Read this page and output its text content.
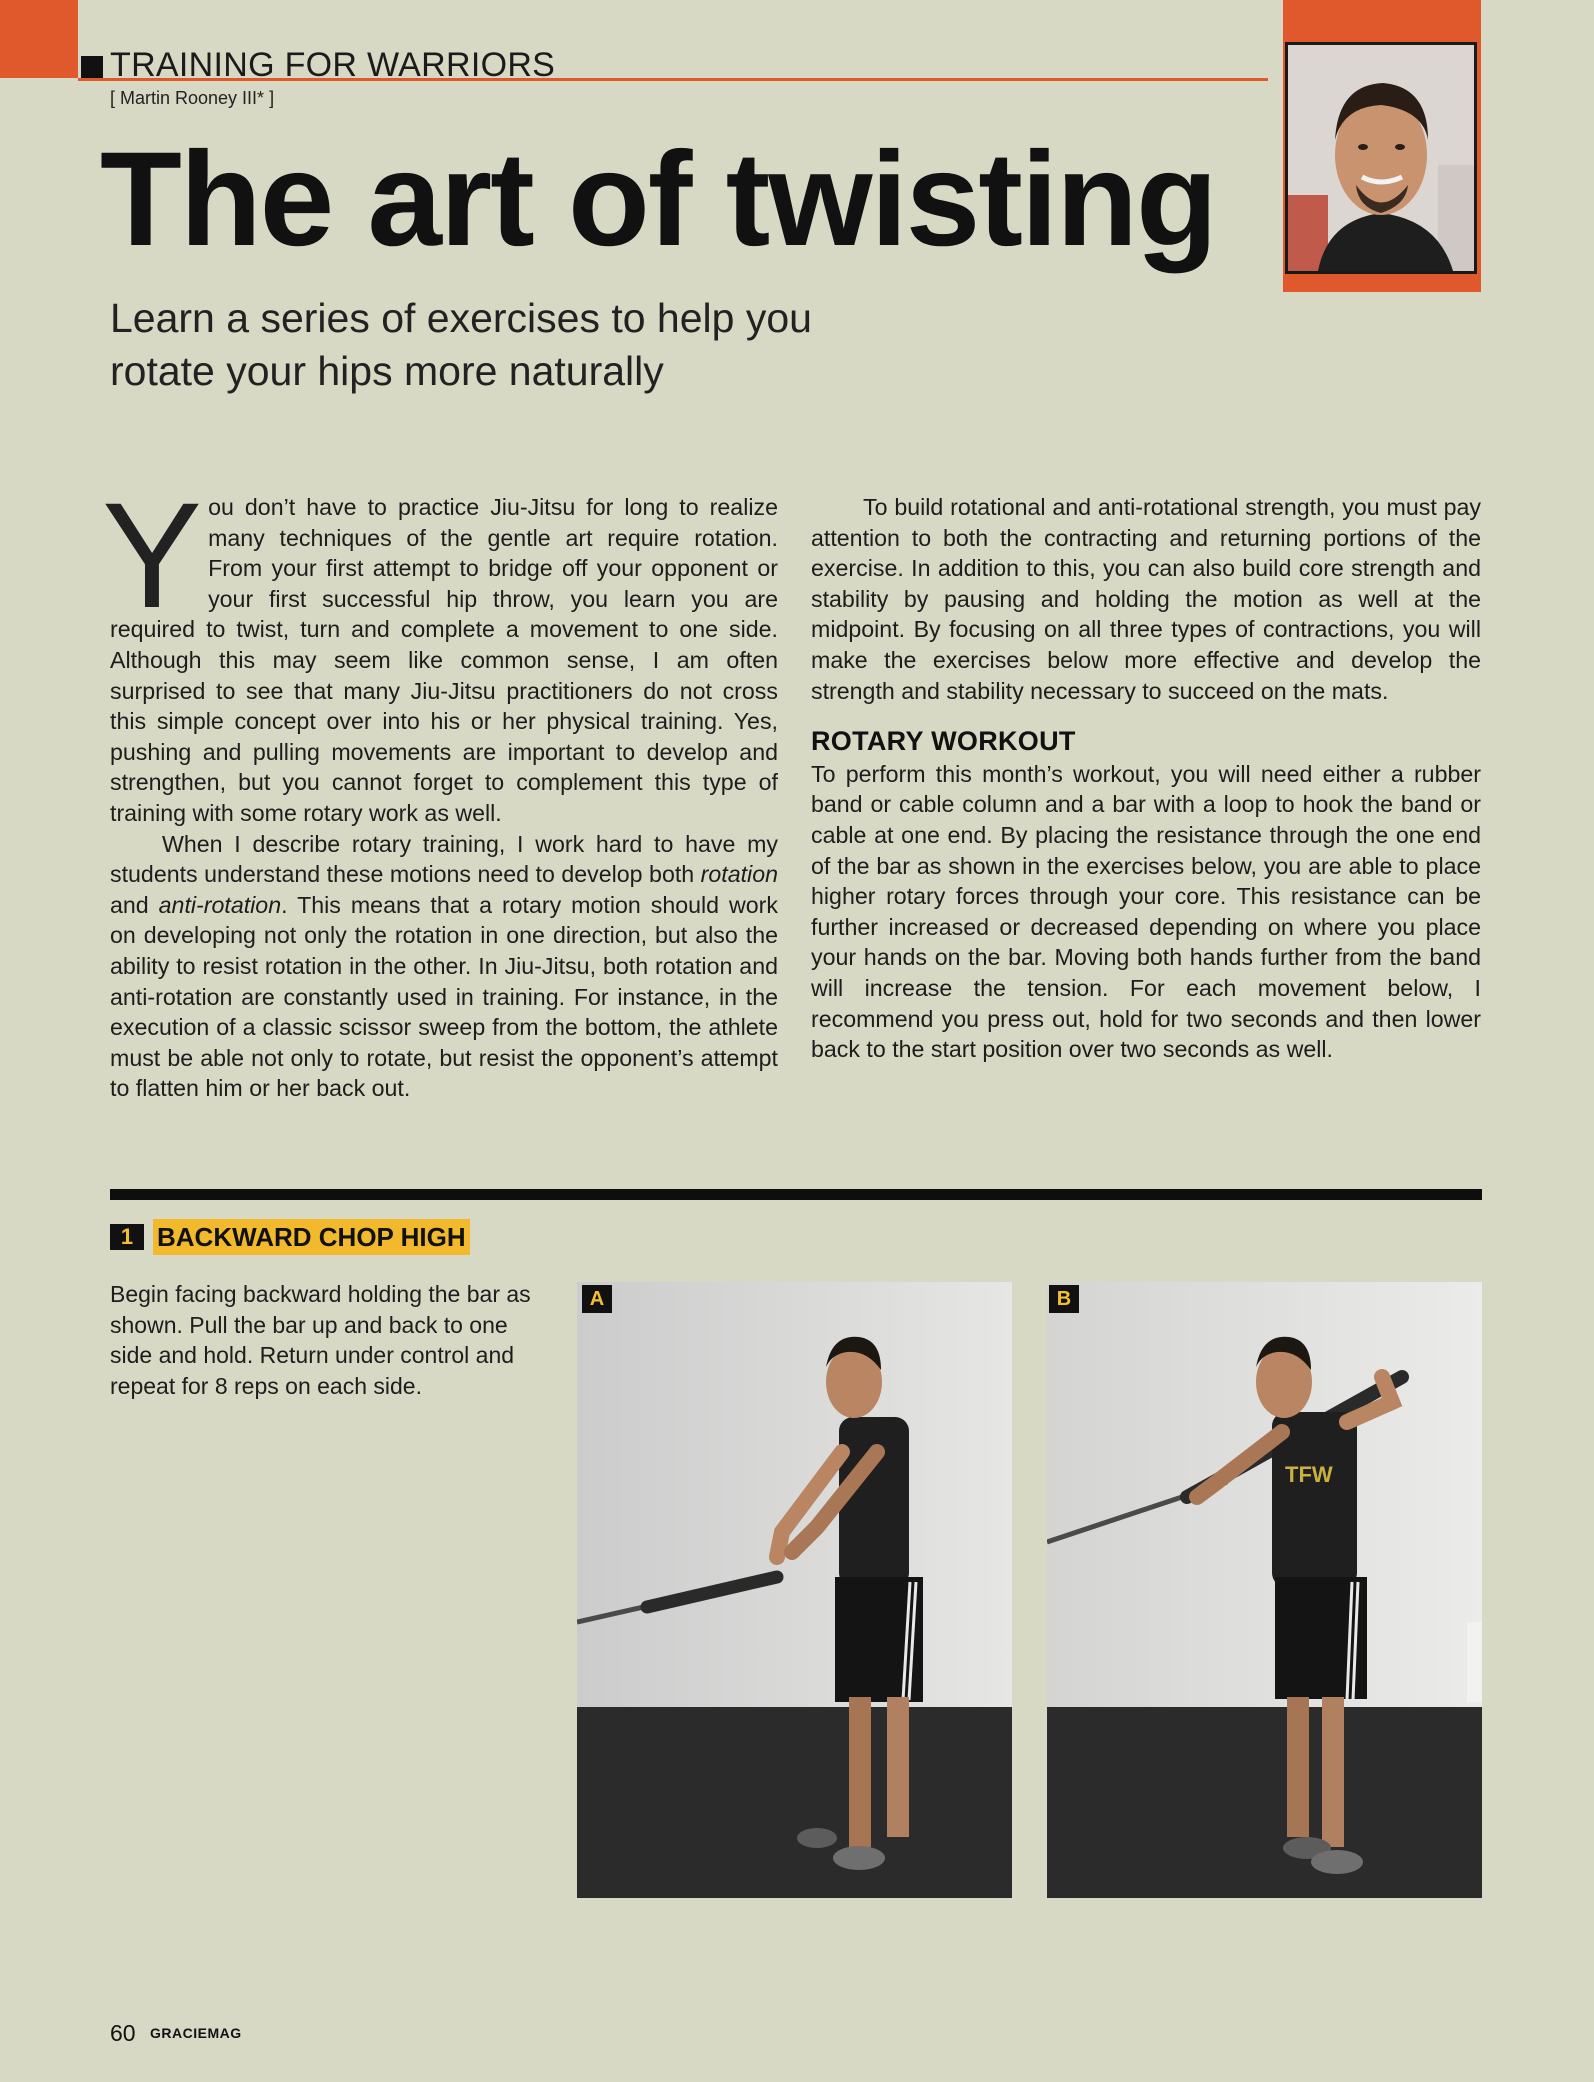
TRAINING FOR WARRIORS
[ Martin Rooney III* ]
The art of twisting

Learn a series of exercises to help you rotate your hips more naturally

You don’t have to practice Jiu-Jitsu for long to realize many techniques of the gentle art require rotation. From your first attempt to bridge off your opponent or your first successful hip throw, you learn you are required to twist, turn and complete a movement to one side. Although this may seem like common sense, I am often surprised to see that many Jiu-Jitsu practitioners do not cross this simple concept over into his or her physical training. Yes, pushing and pulling movements are important to develop and strengthen, but you cannot forget to complement this type of training with some rotary work as well.

When I describe rotary training, I work hard to have my students understand these motions need to develop both rotation and anti-rotation. This means that a rotary motion should work on developing not only the rotation in one direction, but also the ability to resist rotation in the other. In Jiu-Jitsu, both rotation and anti-rotation are constantly used in training. For instance, in the execution of a classic scissor sweep from the bottom, the athlete must be able not only to rotate, but resist the opponent’s attempt to flatten him or her back out.

To build rotational and anti-rotational strength, you must pay attention to both the contracting and returning portions of the exercise. In addition to this, you can also build core strength and stability by pausing and holding the motion as well at the midpoint. By focusing on all three types of contractions, you will make the exercises below more effective and develop the strength and stability necessary to succeed on the mats.

ROTARY WORKOUT

To perform this month’s workout, you will need either a rubber band or cable column and a bar with a loop to hook the band or cable at one end. By placing the resistance through the one end of the bar as shown in the exercises below, you are able to place higher rotary forces through your core. This resistance can be further increased or decreased depending on where you place your hands on the bar. Moving both hands further from the band will increase the tension. For each movement below, I recommend you press out, hold for two seconds and then lower back to the start position over two seconds as well.

1 BACKWARD CHOP HIGH
Begin facing backward holding the bar as shown. Pull the bar up and back to one side and hold. Return under control and repeat for 8 reps on each side.
A
TFW
B
60 GRACIEMAG
